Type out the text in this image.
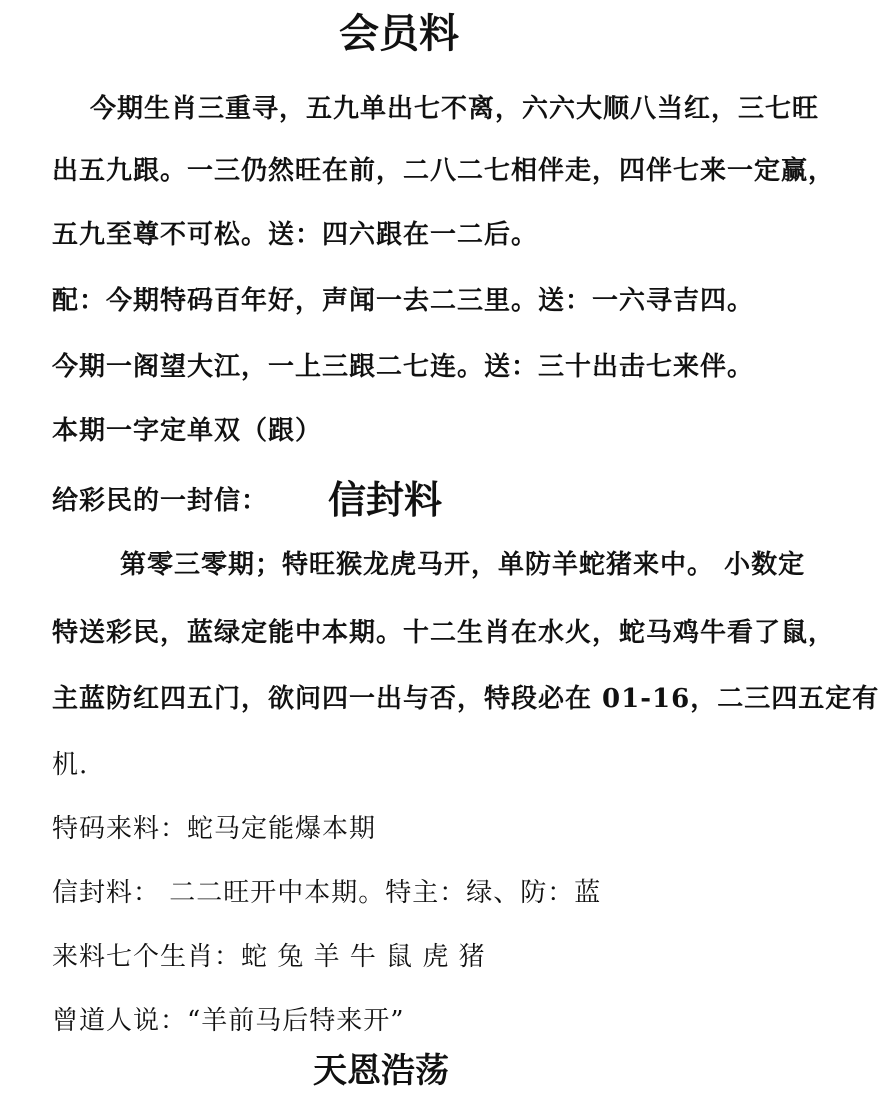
会员料
今期生肖三重寻，五九单出七不离，六六大顺八当红，三七旺
出五九跟。一三仍然旺在前，二八二七相伴走，四伴七来一定赢，
五九至尊不可松。送：四六跟在一二后。
配：今期特码百年好，声闻一去二三里。送：一六寻吉四。
今期一阁望大江，一上三跟二七连。送：三十出击七来伴。
本期一字定单双（跟）
给彩民的一封信： 信封料
第零三零期；特旺猴龙虎马开，单防羊蛇猪来中。 小数定
特送彩民，蓝绿定能中本期。十二生肖在水火，蛇马鸡牛看了鼠，
主蓝防红四五门，欲问四一出与否，特段必在 01-16，二三四五定有
机.
特码来料：蛇马定能爆本期
信封料： 二二旺开中本期。特主：绿、防：蓝
来料七个生肖：蛇 兔 羊 牛 鼠 虎 猪
曾道人说：“羊前马后特来开”
天恩浩荡
